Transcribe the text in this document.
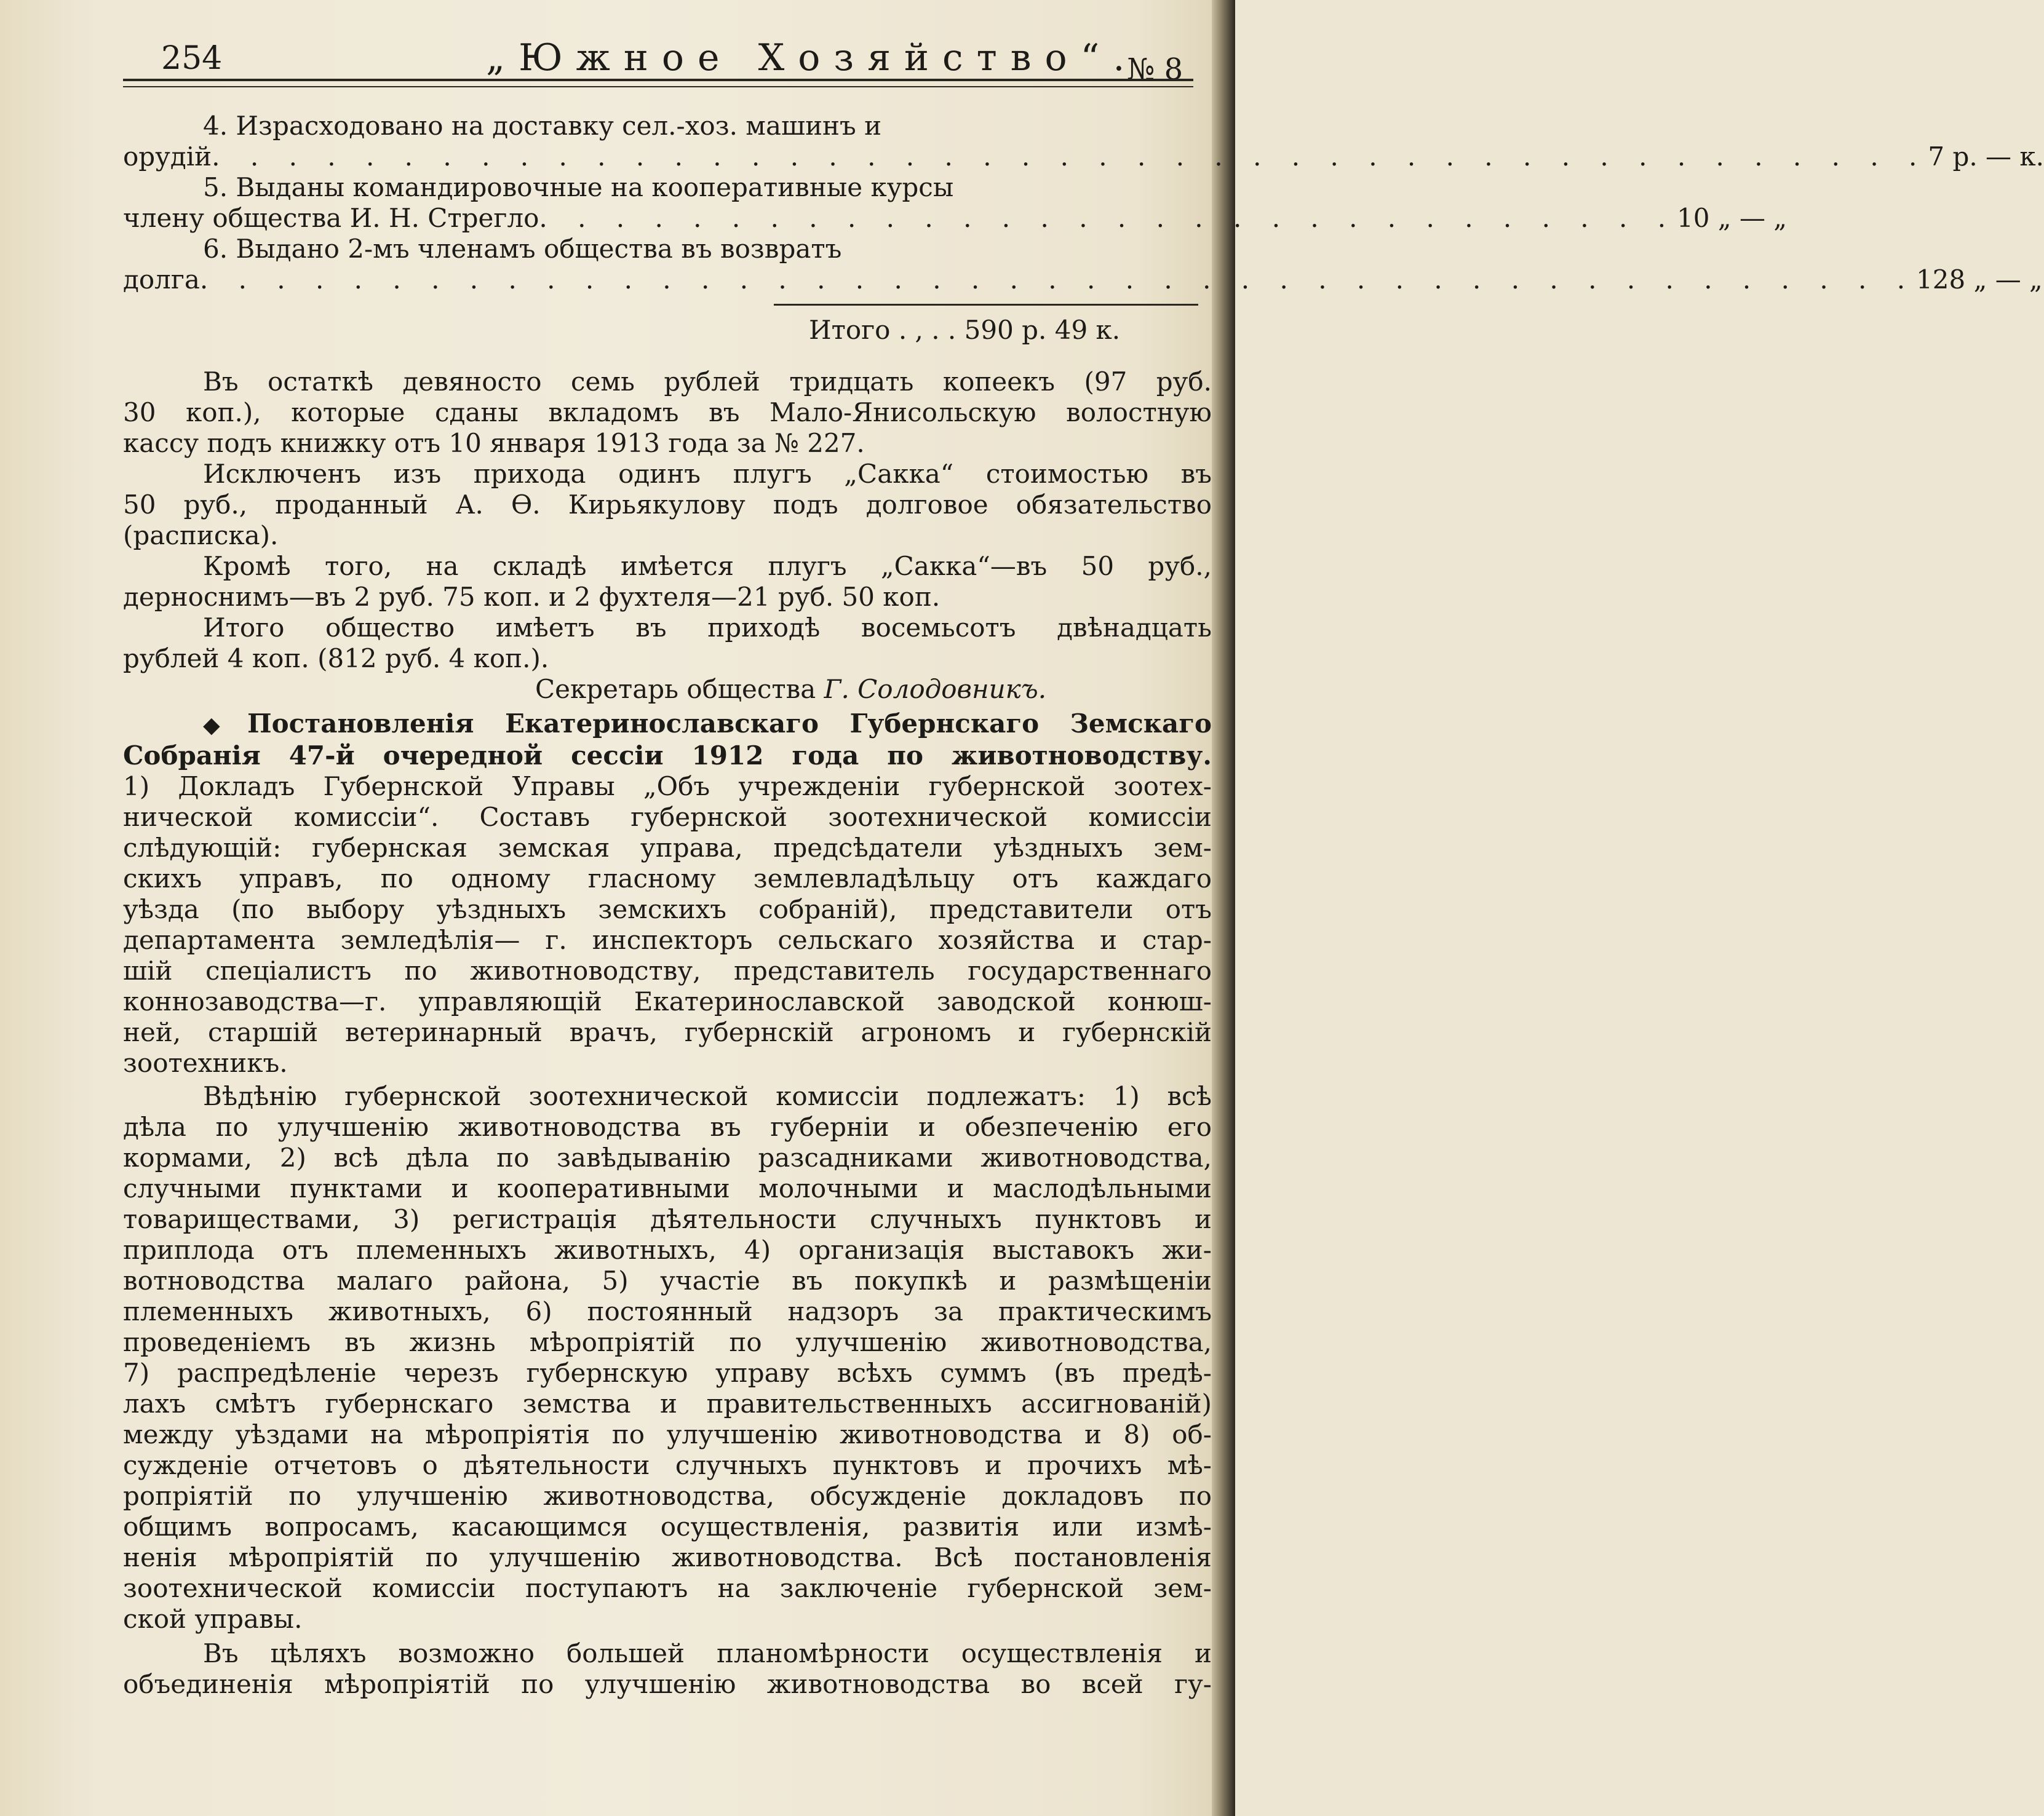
254	„Южное Хозяйство“.
№ 8
4. Израсходовано на доставку сел.-хоз. машинъ и
орудій . . . . . . . . . . . . . . . . . . . . . . . . . . . . . . . . . . . . . . . . . . . . . 7 р. — к.
5. Выданы командировочные на кооперативные курсы
члену общества И. Н. Стрегло . . . . . . . . . . . . . . . . . . . . . . . . . . . . . . 10 „ — „
6. Выдано 2-мъ членамъ общества въ возвратъ
долга . . . . . . . . . . . . . . . . . . . . . . . . . . . . . . . . . . . . . . . . . . . . . 128 „ — „
Итого . , . . 590 р. 49 к.
Въ остаткѣ девяносто семь рублей тридцать копеекъ (97 руб.
30 коп.), которые сданы вкладомъ въ Мало-Янисольскую волостную
кассу подъ книжку отъ 10 января 1913 года за № 227.
Исключенъ изъ прихода одинъ плугъ „Сакка“ стоимостью въ
50 руб., проданный А. Ѳ. Кирьякулову подъ долговое обязательство
(расписка).
Кромѣ того, на складѣ имѣется плугъ „Сакка“—въ 50 руб.,
дерноснимъ—въ 2 руб. 75 коп. и 2 фухтеля—21 руб. 50 коп.
Итого общество имѣетъ въ приходѣ восемьсотъ двѣнадцать
рублей 4 коп. (812 руб. 4 коп.).
Секретарь общества Г. Солодовникъ.
◆ Постановленія Екатеринославскаго Губернскаго Земскаго
Собранія 47-й очередной сессіи 1912 года по животноводству.
1) Докладъ Губернской Управы „Объ учрежденіи губернской зоотех-
нической комиссіи“. Составъ губернской зоотехнической комиссіи
слѣдующій: губернская земская управа, предсѣдатели уѣздныхъ зем-
скихъ управъ, по одному гласному землевладѣльцу отъ каждаго
уѣзда (по выбору уѣздныхъ земскихъ собраній), представители отъ
департамента земледѣлія— г. инспекторъ сельскаго хозяйства и стар-
шій спеціалистъ по животноводству, представитель государственнаго
коннозаводства—г. управляющій Екатеринославской заводской конюш-
ней, старшій ветеринарный врачъ, губернскій агрономъ и губернскій
зоотехникъ.
Вѣдѣнію губернской зоотехнической комиссіи подлежатъ: 1) всѣ
дѣла по улучшенію животноводства въ губерніи и обезпеченію его
кормами, 2) всѣ дѣла по завѣдыванію разсадниками животноводства,
случными пунктами и кооперативными молочными и маслодѣльными
товариществами, 3) регистрація дѣятельности случныхъ пунктовъ и
приплода отъ племенныхъ животныхъ, 4) организація выставокъ жи-
вотноводства малаго района, 5) участіе въ покупкѣ и размѣщеніи
племенныхъ животныхъ, 6) постоянный надзоръ за практическимъ
проведеніемъ въ жизнь мѣропріятій по улучшенію животноводства,
7) распредѣленіе черезъ губернскую управу всѣхъ суммъ (въ предѣ-
лахъ смѣтъ губернскаго земства и правительственныхъ ассигнованій)
между уѣздами на мѣропріятія по улучшенію животноводства и 8) об-
сужденіе отчетовъ о дѣятельности случныхъ пунктовъ и прочихъ мѣ-
ропріятій по улучшенію животноводства, обсужденіе докладовъ по
общимъ вопросамъ, касающимся осуществленія, развитія или измѣ-
ненія мѣропріятій по улучшенію животноводства. Всѣ постановленія
зоотехнической комиссіи поступаютъ на заключеніе губернской зем-
ской управы.
Въ цѣляхъ возможно большей планомѣрности осуществленія и
объединенія мѣропріятій по улучшенію животноводства во всей гу-
